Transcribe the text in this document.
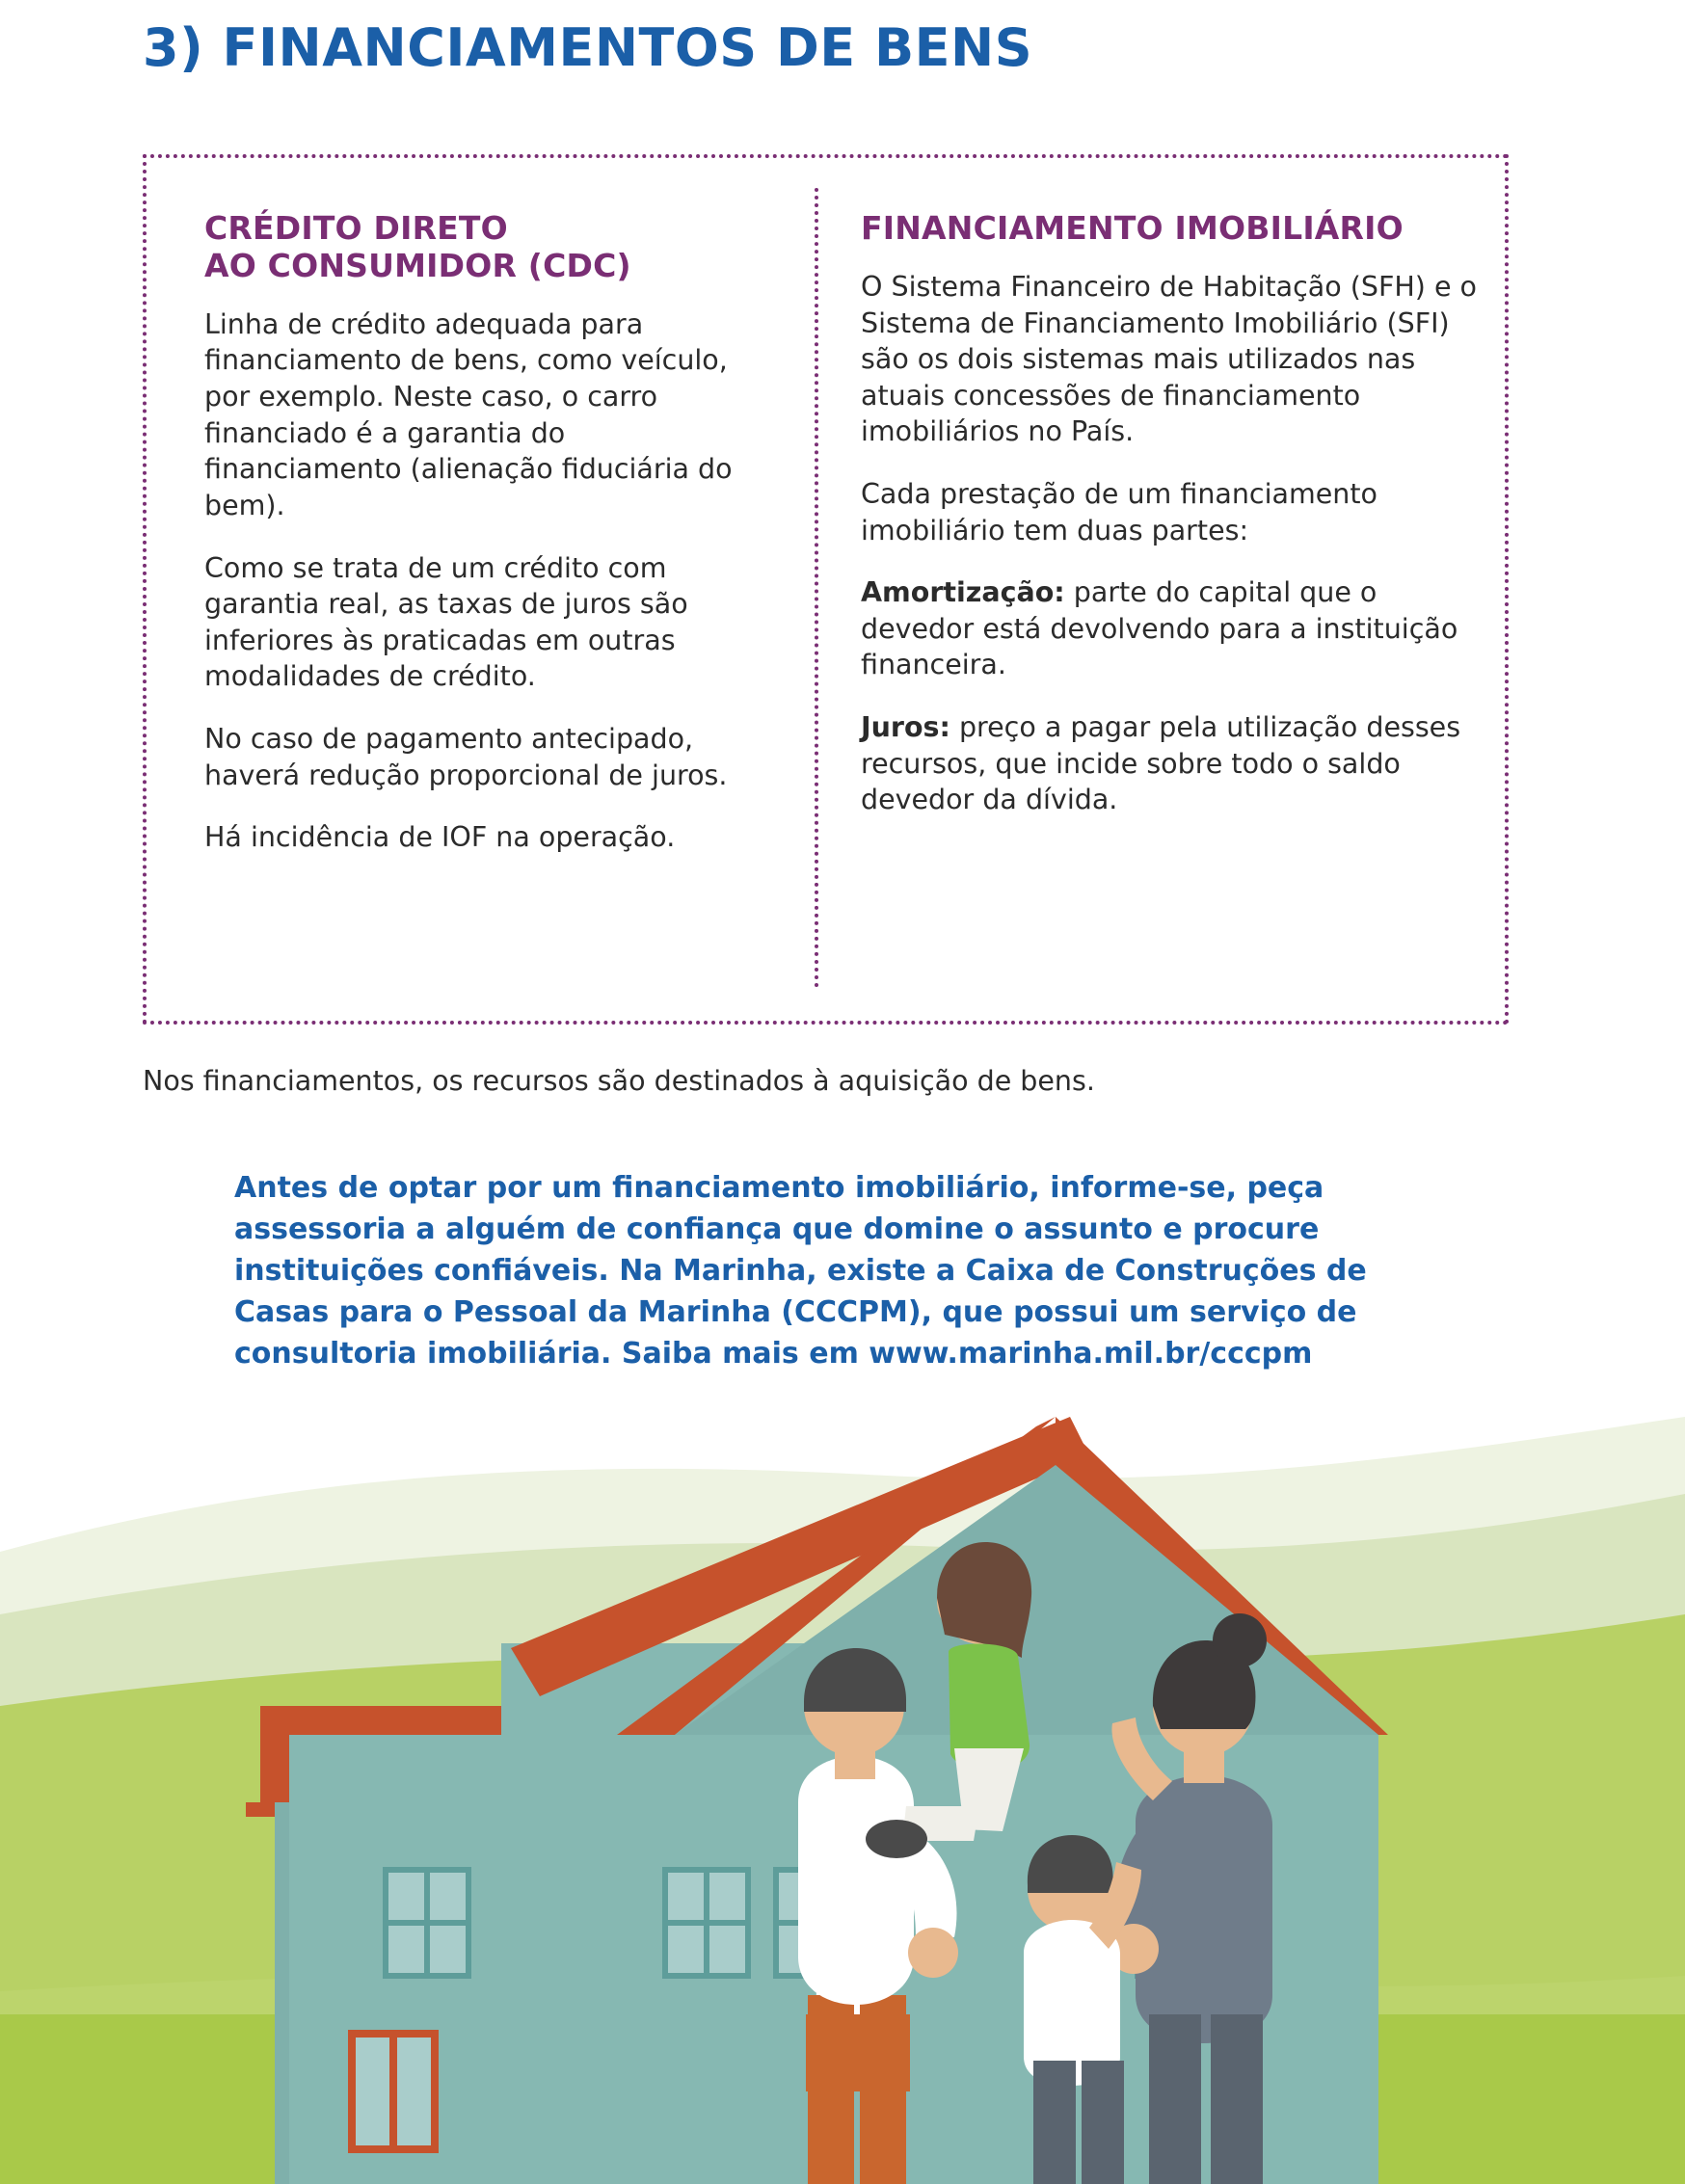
3) FINANCIAMENTOS DE BENS
CRÉDITO DIRETO
AO CONSUMIDOR (CDC)

Linha de crédito adequada para financiamento de bens, como veículo, por exemplo. Neste caso, o carro financiado é a garantia do financiamento (alienação fiduciária do bem).

Como se trata de um crédito com garantia real, as taxas de juros são inferiores às praticadas em outras modalidades de crédito.

No caso de pagamento antecipado, haverá redução proporcional de juros.

Há incidência de IOF na operação.

FINANCIAMENTO IMOBILIÁRIO

O Sistema Financeiro de Habitação (SFH) e o Sistema de Financiamento Imobiliário (SFI) são os dois sistemas mais utilizados nas atuais concessões de financiamento imobiliários no País.

Cada prestação de um financiamento imobiliário tem duas partes:

Amortização: parte do capital que o devedor está devolvendo para a instituição financeira.

Juros: preço a pagar pela utilização desses recursos, que incide sobre todo o saldo devedor da dívida.

Nos financiamentos, os recursos são destinados à aquisição de bens.
Antes de optar por um financiamento imobiliário, informe-se, peça assessoria a alguém de confiança que domine o assunto e procure instituições confiáveis. Na Marinha, existe a Caixa de Construções de Casas para o Pessoal da Marinha (CCCPM), que possui um serviço de consultoria imobiliária. Saiba mais em www.marinha.mil.br/cccpm
